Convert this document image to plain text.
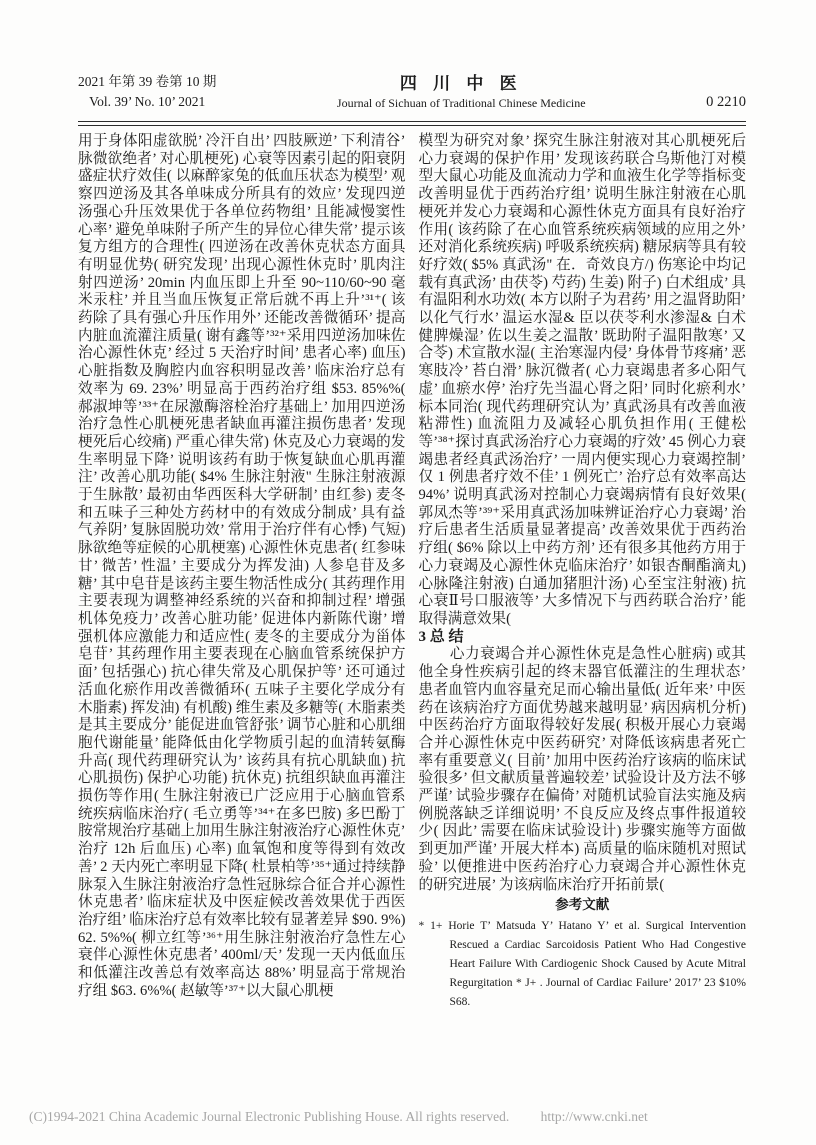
2021 年第 39 卷第 10 期
Vol. 39’ No. 10’ 2021
四 川 中 医
Journal of Sichuan of Traditional Chinese Medicine	0 2210

用于身体阳虚欲脱’ 冷汗自出’ 四肢厥逆’ 下利清谷’ 脉微欲绝者’ 对心肌梗死) 心衰等因素引起的阳衰阴盛症状疗效佳( 以麻醉家兔的低血压状态为模型’ 观察四逆汤及其各单味成分所具有的效应’ 发现四逆汤强心升压效果优于各单位药物组’ 且能减慢窦性心率’ 避免单味附子所产生的异位心律失常’ 提示该复方组方的合理性( 四逆汤在改善休克状态方面具有明显优势( 研究发现’ 出现心源性休克时’ 肌肉注射四逆汤’ 20min 内血压即上升至 90~110/60~90 毫米汞柱’ 并且当血压恢复正常后就不再上升’³¹⁺( 该药除了具有强心升压作用外’ 还能改善微循环’ 提高内脏血流灌注质量( 谢有鑫等’³²⁺采用四逆汤加味佐治心源性休克’ 经过 5 天治疗时间’ 患者心率) 血压) 心脏指数及胸腔内血容积明显改善’ 临床治疗总有效率为 69. 23%’ 明显高于西药治疗组 $53. 85%%( 郝淑坤等’³³⁺在尿激酶溶栓治疗基础上’ 加用四逆汤治疗急性心肌梗死患者缺血再灌注损伤患者’ 发现梗死后心绞痛) 严重心律失常) 休克及心力衰竭的发生率明显下降’ 说明该药有助于恢复缺血心肌再灌注’ 改善心肌功能( $4% 生脉注射液" 生脉注射液源于生脉散’ 最初由华西医科大学研制’ 由红参) 麦冬和五味子三种处方药材中的有效成分制成’ 具有益气养阴’ 复脉固脱功效’ 常用于治疗伴有心悸) 气短) 脉欲绝等症候的心肌梗塞) 心源性休克患者( 红参味甘’ 微苦’ 性温’ 主要成分为挥发油) 人参皂苷及多糖’ 其中皂苷是该药主要生物活性成分( 其药理作用主要表现为调整神经系统的兴奋和抑制过程’ 增强机体免疫力’ 改善心脏功能’ 促进体内新陈代谢’ 增强机体应激能力和适应性( 麦冬的主要成分为甾体皂苷’ 其药理作用主要表现在心脑血管系统保护方面’ 包括强心) 抗心律失常及心肌保护等’ 还可通过活血化瘀作用改善微循环( 五味子主要化学成分有木脂素) 挥发油) 有机酸) 维生素及多糖等( 木脂素类是其主要成分’ 能促进血管舒张’ 调节心脏和心肌细胞代谢能量’ 能降低由化学物质引起的血清转氨酶升高( 现代药理研究认为’ 该药具有抗心肌缺血) 抗心肌损伤) 保护心功能) 抗休克) 抗组织缺血再灌注损伤等作用( 生脉注射液已广泛应用于心脑血管系统疾病临床治疗( 毛立勇等’³⁴⁺在多巴胺) 多巴酚丁胺常规治疗基础上加用生脉注射液治疗心源性休克’ 治疗 12h 后血压) 心率) 血氧饱和度等得到有效改善’ 2 天内死亡率明显下降( 杜景柏等’³⁵⁺通过持续静脉泵入生脉注射液治疗急性冠脉综合征合并心源性休克患者’ 临床症状及中医症候改善效果优于西医治疗组’ 临床治疗总有效率比较有显著差异 $90. 9%) 62. 5%%( 柳立红等’³⁶⁺用生脉注射液治疗急性左心衰伴心源性休克患者’ 400ml/天’ 发现一天内低血压和低灌注改善总有效率高达 88%’ 明显高于常规治疗组 $63. 6%%( 赵敏等’³⁷⁺以大鼠心肌梗

模型为研究对象’ 探究生脉注射液对其心肌梗死后心力衰竭的保护作用’ 发现该药联合乌斯他汀对模型大鼠心功能及血流动力学和血液生化学等指标变改善明显优于西药治疗组’ 说明生脉注射液在心肌梗死并发心力衰竭和心源性休克方面具有良好治疗作用( 该药除了在心血管系统疾病领域的应用之外’ 还对消化系统疾病) 呼吸系统疾病) 糖尿病等具有较好疗效( $5% 真武汤" 在．奇效良方/) 伤寒论中均记载有真武汤’ 由茯苓) 芍药) 生姜) 附子) 白术组成’ 具有温阳利水功效( 本方以附子为君药’ 用之温肾助阳’ 以化气行水’ 温运水湿& 臣以茯苓利水渗湿& 白术健脾燥湿’ 佐以生姜之温散’ 既助附子温阳散寒’ 又合苓) 术宣散水湿( 主治寒湿内侵’ 身体骨节疼痛’ 恶寒肢冷’ 苔白滑’ 脉沉微者( 心力衰竭患者多心阳气虚’ 血瘀水停’ 治疗先当温心肾之阳’ 同时化瘀利水’ 标本同治( 现代药理研究认为’ 真武汤具有改善血液粘滞性) 血流阻力及减轻心肌负担作用( 王健松等’³⁸⁺探讨真武汤治疗心力衰竭的疗效’ 45 例心力衰竭患者经真武汤治疗’ 一周内便实现心力衰竭控制’ 仅 1 例患者疗效不佳’ 1 例死亡’ 治疗总有效率高达 94%’ 说明真武汤对控制心力衰竭病情有良好效果( 郭凤杰等’³⁹⁺采用真武汤加味辨证治疗心力衰竭’ 治疗后患者生活质量显著提高’ 改善效果优于西药治疗组( $6% 除以上中药方剂’ 还有很多其他药方用于心力衰竭及心源性休克临床治疗’ 如银杏酮酯滴丸) 心脉隆注射液) 白通加猪胆汁汤) 心至宝注射液) 抗心衰Ⅱ号口服液等’ 大多情况下与西药联合治疗’ 能取得满意效果(

3 总 结

心力衰竭合并心源性休克是急性心脏病) 或其他全身性疾病引起的终末器官低灌注的生理状态’ 患者血管内血容量充足而心输出量低( 近年来’ 中医药在该病治疗方面优势越来越明显’ 病因病机分析) 中医药治疗方面取得较好发展( 积极开展心力衰竭合并心源性休克中医药研究’ 对降低该病患者死亡率有重要意义( 目前’ 加用中医药治疗该病的临床试验很多’ 但文献质量普遍较差’ 试验设计及方法不够严谨’ 试验步骤存在偏倚’ 对随机试验盲法实施及病例脱落缺乏详细说明’ 不良反应及终点事件报道较少( 因此’ 需要在临床试验设计) 步骤实施等方面做到更加严谨’ 开展大样本) 高质量的临床随机对照试验’ 以便推进中医药治疗心力衰竭合并心源性休克的研究进展’ 为该病临床治疗开拓前景(

参考文献

* 1+ Horie T’ Matsuda Y’ Hatano Y’ et al. Surgical Intervention Rescued a Cardiac Sarcoidosis Patient Who Had Congestive Heart Failure With Cardiogenic Shock Caused by Acute Mitral Regurgitation * J+ . Journal of Cardiac Failure’ 2017’ 23 $10% S68.

(C)1994-2021 China Academic Journal Electronic Publishing House. All rights reserved. http://www.cnki.net
